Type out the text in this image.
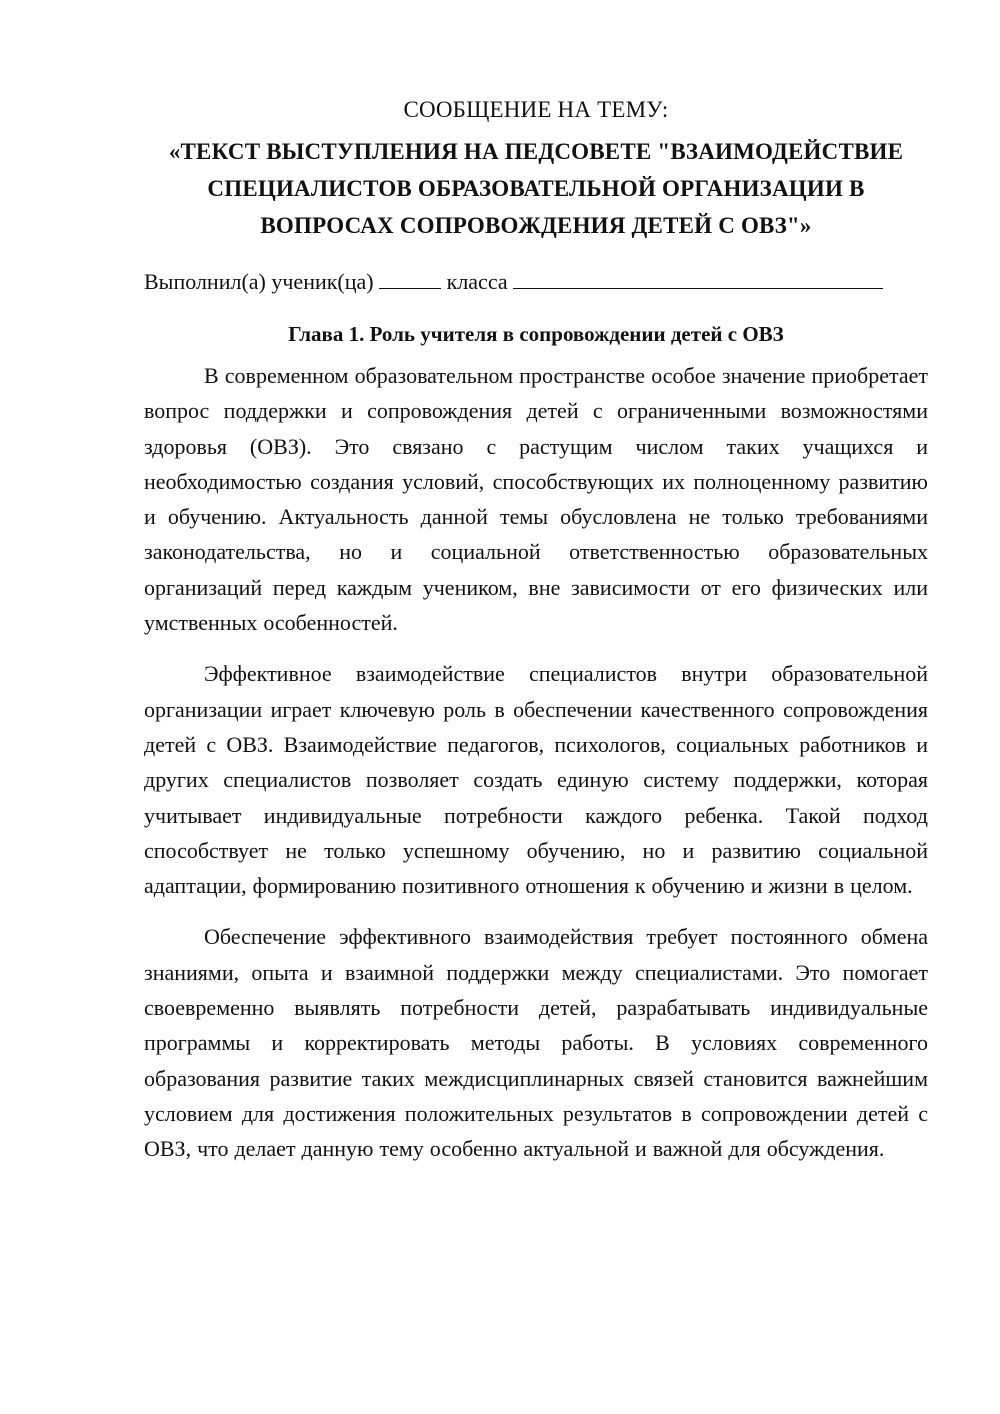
СООБЩЕНИЕ НА ТЕМУ:
«ТЕКСТ ВЫСТУПЛЕНИЯ НА ПЕДСОВЕТЕ "ВЗАИМОДЕЙСТВИЕ СПЕЦИАЛИСТОВ ОБРАЗОВАТЕЛЬНОЙ ОРГАНИЗАЦИИ В ВОПРОСАХ СОПРОВОЖДЕНИЯ ДЕТЕЙ С ОВЗ"»
Выполнил(а) ученик(ца)	класса
Глава 1. Роль учителя в сопровождении детей с ОВЗ

В современном образовательном пространстве особое значение приобретает вопрос поддержки и сопровождения детей с ограниченными возможностями здоровья (ОВЗ). Это связано с растущим числом таких учащихся и необходимостью создания условий, способствующих их полноценному развитию и обучению. Актуальность данной темы обусловлена не только требованиями законодательства, но и социальной ответственностью образовательных организаций перед каждым учеником, вне зависимости от его физических или умственных особенностей.

Эффективное взаимодействие специалистов внутри образовательной организации играет ключевую роль в обеспечении качественного сопровождения детей с ОВЗ. Взаимодействие педагогов, психологов, социальных работников и других специалистов позволяет создать единую систему поддержки, которая учитывает индивидуальные потребности каждого ребенка. Такой подход способствует не только успешному обучению, но и развитию социальной адаптации, формированию позитивного отношения к обучению и жизни в целом.

Обеспечение эффективного взаимодействия требует постоянного обмена знаниями, опыта и взаимной поддержки между специалистами. Это помогает своевременно выявлять потребности детей, разрабатывать индивидуальные программы и корректировать методы работы. В условиях современного образования развитие таких междисциплинарных связей становится важнейшим условием для достижения положительных результатов в сопровождении детей с ОВЗ, что делает данную тему особенно актуальной и важной для обсуждения.
